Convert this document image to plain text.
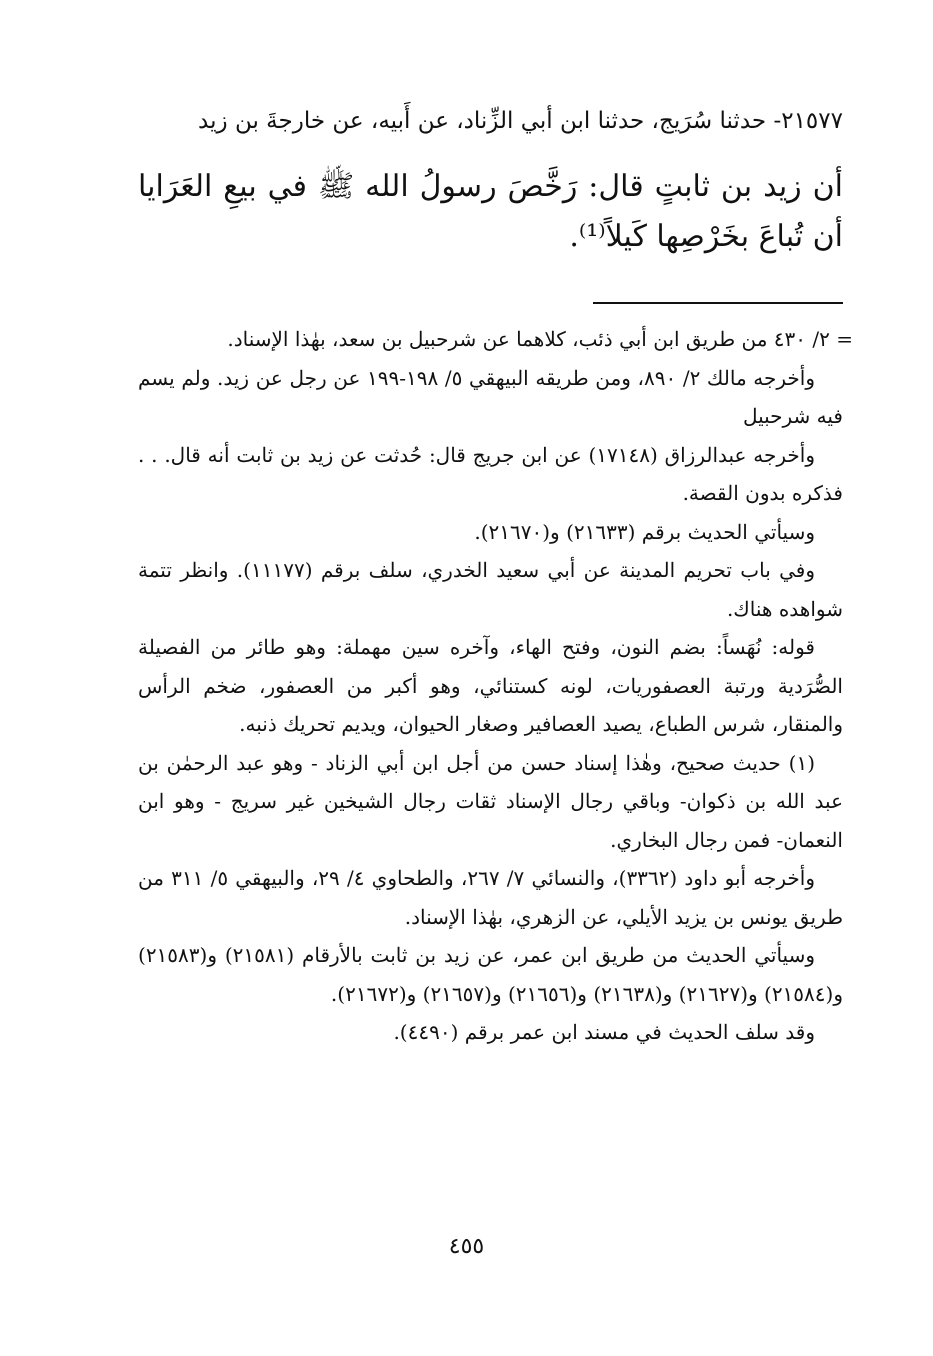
٢١٥٧٧- حدثنا سُرَيج، حدثنا ابن أبي الزِّناد، عن أَبيه، عن خارجةَ بن زيد

أن زيد بن ثابتٍ قال: رَخَّصَ رسولُ الله ﷺ في بيعِ العَرَايا أن تُباعَ بخَرْصِها كَيلاً⁽¹⁾.

= ٢/ ٤٣٠ من طريق ابن أبي ذئب، كلاهما عن شرحبيل بن سعد، بهٰذا الإسناد.

وأخرجه مالك ٢/ ٨٩٠، ومن طريقه البيهقي ٥/ ١٩٨-١٩٩ عن رجل عن زيد. ولم يسم فيه شرحبيل

وأخرجه عبدالرزاق (١٧١٤٨) عن ابن جريج قال: حُدثت عن زيد بن ثابت أنه قال. . . فذكره بدون القصة.

وسيأتي الحديث برقم (٢١٦٣٣) و(٢١٦٧٠).

وفي باب تحريم المدينة عن أبي سعيد الخدري، سلف برقم (١١١٧٧). وانظر تتمة شواهده هناك.

قوله: نُهَساً: بضم النون، وفتح الهاء، وآخره سين مهملة: وهو طائر من الفصيلة الصُّرَدية ورتبة العصفوريات، لونه كستنائي، وهو أكبر من العصفور، ضخم الرأس والمنقار، شرس الطباع، يصيد العصافير وصغار الحيوان، ويديم تحريك ذنبه.

(١) حديث صحيح، وهٰذا إسناد حسن من أجل ابن أبي الزناد - وهو عبد الرحمٰن بن عبد الله بن ذكوان- وباقي رجال الإسناد ثقات رجال الشيخين غير سريج - وهو ابن النعمان- فمن رجال البخاري.

وأخرجه أبو داود (٣٣٦٢)، والنسائي ٧/ ٢٦٧، والطحاوي ٤/ ٢٩، والبيهقي ٥/ ٣١١ من طريق يونس بن يزيد الأيلي، عن الزهري، بهٰذا الإسناد.

وسيأتي الحديث من طريق ابن عمر، عن زيد بن ثابت بالأرقام (٢١٥٨١) و(٢١٥٨٣) و(٢١٥٨٤) و(٢١٦٢٧) و(٢١٦٣٨) و(٢١٦٥٦) و(٢١٦٥٧) و(٢١٦٧٢).

وقد سلف الحديث في مسند ابن عمر برقم (٤٤٩٠).

٤٥٥
